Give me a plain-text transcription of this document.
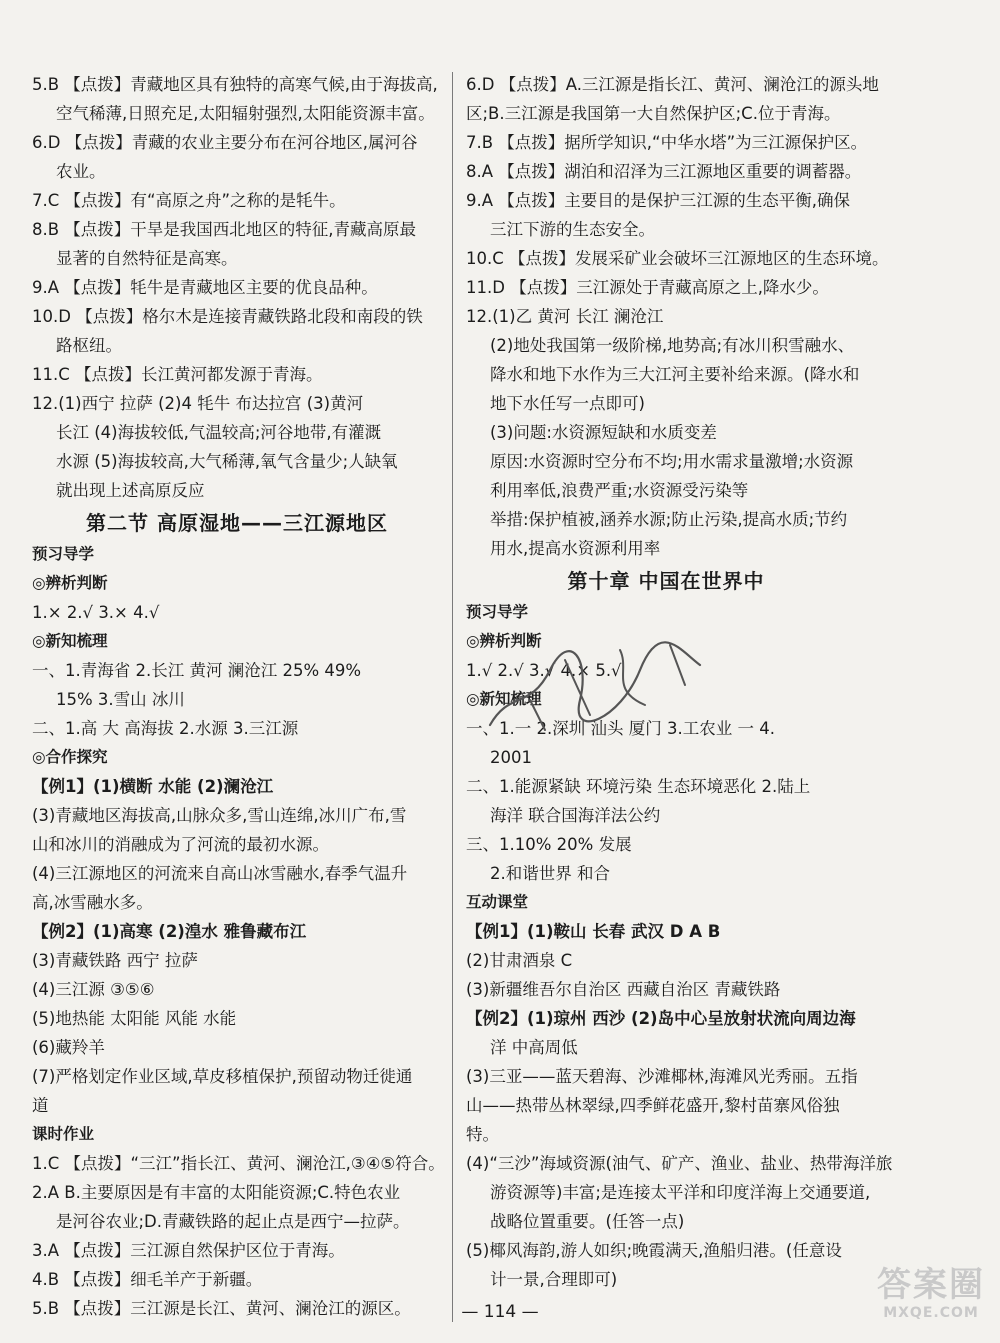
5.B 【点拨】青藏地区具有独特的高寒气候,由于海拔高,
空气稀薄,日照充足,太阳辐射强烈,太阳能资源丰富。
6.D 【点拨】青藏的农业主要分布在河谷地区,属河谷
农业。
7.C 【点拨】有“高原之舟”之称的是牦牛。
8.B 【点拨】干旱是我国西北地区的特征,青藏高原最
显著的自然特征是高寒。
9.A 【点拨】牦牛是青藏地区主要的优良品种。
10.D 【点拨】格尔木是连接青藏铁路北段和南段的铁
路枢纽。
11.C 【点拨】长江黄河都发源于青海。
12.(1)西宁 拉萨 (2)4 牦牛 布达拉宫 (3)黄河
长江 (4)海拔较低,气温较高;河谷地带,有灌溉
水源 (5)海拔较高,大气稀薄,氧气含量少;人缺氧
就出现上述高原反应
第二节 高原湿地——三江源地区
预习导学
◎辨析判断
1.× 2.√ 3.× 4.√
◎新知梳理
一、1.青海省 2.长江 黄河 澜沧江 25% 49%
15% 3.雪山 冰川
二、1.高 大 高海拔 2.水源 3.三江源
◎合作探究
【例1】(1)横断 水能 (2)澜沧江
(3)青藏地区海拔高,山脉众多,雪山连绵,冰川广布,雪
山和冰川的消融成为了河流的最初水源。
(4)三江源地区的河流来自高山冰雪融水,春季气温升
高,冰雪融水多。
【例2】(1)高寒 (2)湟水 雅鲁藏布江
(3)青藏铁路 西宁 拉萨
(4)三江源 ③⑤⑥
(5)地热能 太阳能 风能 水能
(6)藏羚羊
(7)严格划定作业区域,草皮移植保护,预留动物迁徙通
道
课时作业
1.C 【点拨】“三江”指长江、黄河、澜沧江,③④⑤符合。
2.A B.主要原因是有丰富的太阳能资源;C.特色农业
是河谷农业;D.青藏铁路的起止点是西宁—拉萨。
3.A 【点拨】三江源自然保护区位于青海。
4.B 【点拨】细毛羊产于新疆。
5.B 【点拨】三江源是长江、黄河、澜沧江的源区。
6.D 【点拨】A.三江源是指长江、黄河、澜沧江的源头地
区;B.三江源是我国第一大自然保护区;C.位于青海。
7.B 【点拨】据所学知识,“中华水塔”为三江源保护区。
8.A 【点拨】湖泊和沼泽为三江源地区重要的调蓄器。
9.A 【点拨】主要目的是保护三江源的生态平衡,确保
三江下游的生态安全。
10.C 【点拨】发展采矿业会破坏三江源地区的生态环境。
11.D 【点拨】三江源处于青藏高原之上,降水少。
12.(1)乙 黄河 长江 澜沧江
(2)地处我国第一级阶梯,地势高;有冰川积雪融水、
降水和地下水作为三大江河主要补给来源。(降水和
地下水任写一点即可)
(3)问题:水资源短缺和水质变差
原因:水资源时空分布不均;用水需求量激增;水资源
利用率低,浪费严重;水资源受污染等
举措:保护植被,涵养水源;防止污染,提高水质;节约
用水,提高水资源利用率
第十章 中国在世界中
预习导学
◎辨析判断
1.√ 2.√ 3.√ 4.× 5.√
◎新知梳理
一、1.一 2.深圳 汕头 厦门 3.工农业 一 4.
2001
二、1.能源紧缺 环境污染 生态环境恶化 2.陆上
海洋 联合国海洋法公约
三、1.10% 20% 发展
2.和谐世界 和合
互动课堂
【例1】(1)鞍山 长春 武汉 D A B
(2)甘肃酒泉 C
(3)新疆维吾尔自治区 西藏自治区 青藏铁路
【例2】(1)琼州 西沙 (2)岛中心呈放射状流向周边海
洋 中高周低
(3)三亚——蓝天碧海、沙滩椰林,海滩风光秀丽。五指
山——热带丛林翠绿,四季鲜花盛开,黎村苗寨风俗独
特。
(4)“三沙”海域资源(油气、矿产、渔业、盐业、热带海洋旅
游资源等)丰富;是连接太平洋和印度洋海上交通要道,
战略位置重要。(任答一点)
(5)椰风海韵,游人如织;晚霞满天,渔船归港。(任意设
计一景,合理即可)
— 114 —
答案圈
MXQE.COM
